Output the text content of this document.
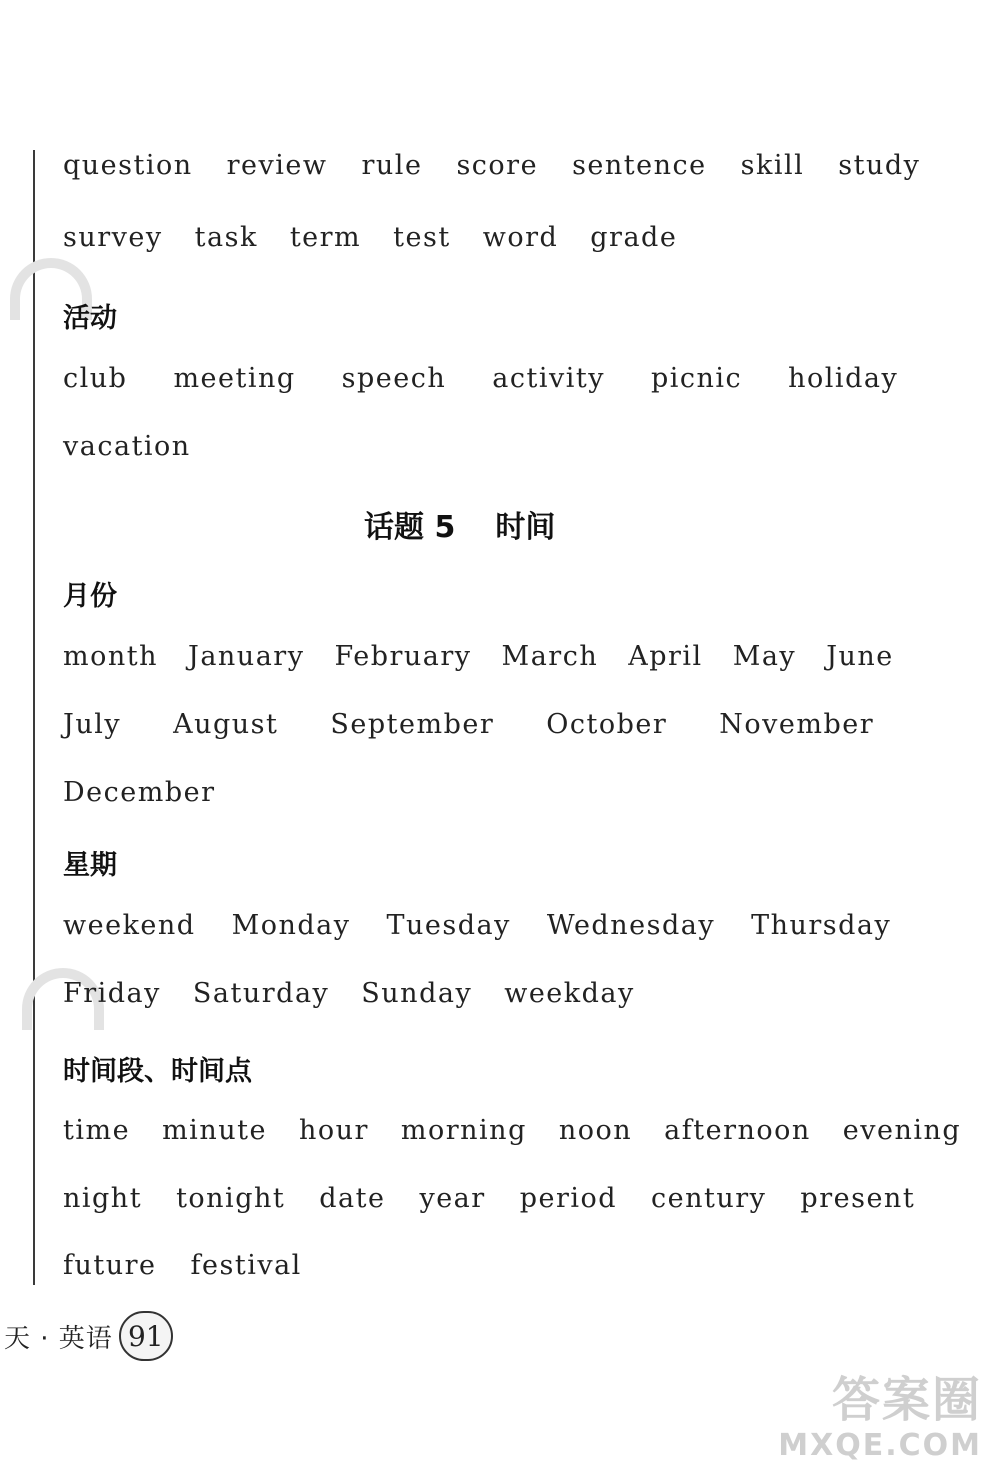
question review rule score sentence skill study
survey task term test word grade
活动
club meeting speech activity picnic holiday
vacation
话题 5 时间
月份
month January February March April May June
July August September October November
December
星期
weekend Monday Tuesday Wednesday Thursday
Friday Saturday Sunday weekday
时间段、时间点
time minute hour morning noon afternoon evening
night tonight date year period century present
future festival
天 · 英语 91
答案圈
MXQE.COM
